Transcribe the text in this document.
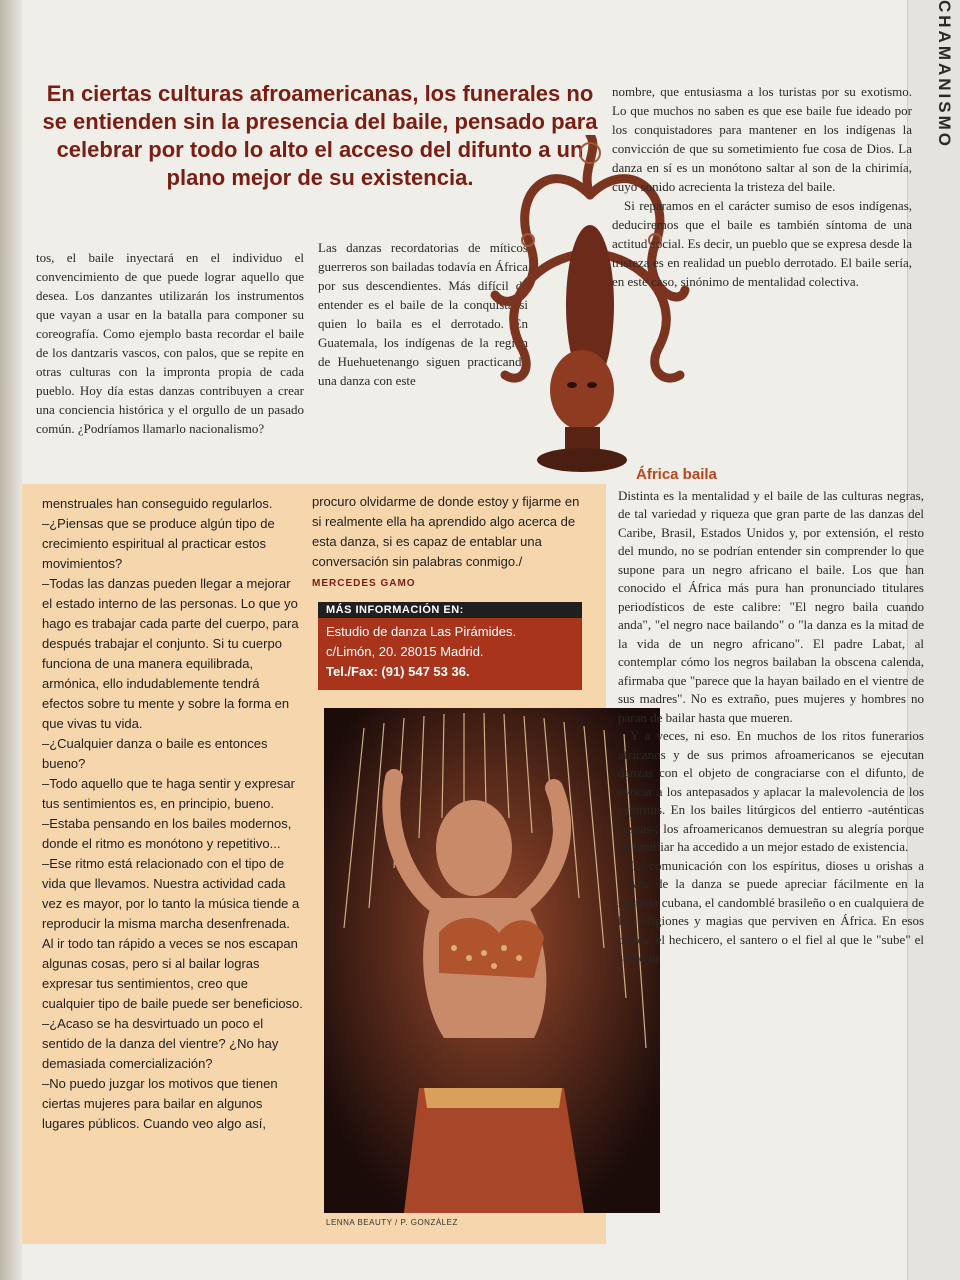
CHAMANISMO
En ciertas culturas afroamericanas, los funerales no se entienden sin la presencia del baile, pensado para celebrar por todo lo alto el acceso del difunto a un plano mejor de su existencia.

tos, el baile inyectará en el individuo el convencimiento de que puede lograr aquello que desea. Los danzantes utilizarán los instrumentos que vayan a usar en la batalla para componer su coreografía. Como ejemplo basta recordar el baile de los dantzaris vascos, con palos, que se repite en otras culturas con la impronta propia de cada pueblo. Hoy día estas danzas contribuyen a crear una conciencia histórica y el orgullo de un pasado común. ¿Podríamos llamarlo nacionalismo?

Las danzas recordatorias de míticos guerreros son bailadas todavía en África por sus descendientes. Más difícil de entender es el baile de la conquista si quien lo baila es el derrotado. En Guatemala, los indígenas de la región de Huehuetenango siguen practicando una danza con este

nombre, que entusiasma a los turistas por su exotismo. Lo que muchos no saben es que ese baile fue ideado por los conquistadores para mantener en los indígenas la convicción de que su sometimiento fue cosa de Dios. La danza en sí es un monótono saltar al son de la chirimía, cuyo sonido acrecienta la tristeza del baile.

Si reparamos en el carácter sumiso de esos indígenas, deduciremos que el baile es también síntoma de una actitud social. Es decir, un pueblo que se expresa desde la tristeza es en realidad un pueblo derrotado. El baile sería, en este caso, sinónimo de mentalidad colectiva.

menstruales han conseguido regularlos.
–¿Piensas que se produce algún tipo de crecimiento espiritual al practicar estos movimientos?
–Todas las danzas pueden llegar a mejorar el estado interno de las personas. Lo que yo hago es trabajar cada parte del cuerpo, para después trabajar el conjunto. Si tu cuerpo funciona de una manera equilibrada, armónica, ello indudablemente tendrá efectos sobre tu mente y sobre la forma en que vivas tu vida.
–¿Cualquier danza o baile es entonces bueno?
–Todo aquello que te haga sentir y expresar tus sentimientos es, en principio, bueno.
–Estaba pensando en los bailes modernos, donde el ritmo es monótono y repetitivo...
–Ese ritmo está relacionado con el tipo de vida que llevamos. Nuestra actividad cada vez es mayor, por lo tanto la música tiende a reproducir la misma marcha desenfrenada. Al ir todo tan rápido a veces se nos escapan algunas cosas, pero si al bailar logras expresar tus sentimientos, creo que cualquier tipo de baile puede ser beneficioso.
–¿Acaso se ha desvirtuado un poco el sentido de la danza del vientre? ¿No hay demasiada comercialización?
–No puedo juzgar los motivos que tienen ciertas mujeres para bailar en algunos lugares públicos. Cuando veo algo así,

procuro olvidarme de donde estoy y fijarme en si realmente ella ha aprendido algo acerca de esta danza, si es capaz de entablar una conversación sin palabras conmigo./ MERCEDES GAMO

MÁS INFORMACIÓN EN:
Estudio de danza Las Pirámides.
c/Limón, 20. 28015 Madrid.
Tel./Fax: (91) 547 53 36.
LENNA BEAUTY / P. GONZÁLEZ
África baila

Distinta es la mentalidad y el baile de las culturas negras, de tal variedad y riqueza que gran parte de las danzas del Caribe, Brasil, Estados Unidos y, por extensión, el resto del mundo, no se podrían entender sin comprender lo que supone para un negro africano el baile. Los que han conocido el África más pura han pronunciado titulares periodísticos de este calibre: "El negro baila cuando anda", "el negro nace bailando" o "la danza es la mitad de la vida de un negro africano". El padre Labat, al contemplar cómo los negros bailaban la obscena calenda, afirmaba que "parece que la hayan bailado en el vientre de sus madres". No es extraño, pues mujeres y hombres no paran de bailar hasta que mueren.

Y a veces, ni eso. En muchos de los ritos funerarios africanos y de sus primos afroamericanos se ejecutan danzas con el objeto de congraciarse con el difunto, de evocar a los antepasados y aplacar la malevolencia de los espíritus. En los bailes litúrgicos del entierro -auténticas fiestas-, los afroamericanos demuestran su alegría porque su familiar ha accedido a un mejor estado de existencia.

La comunicación con los espíritus, dioses u orishas a través de la danza se puede apreciar fácilmente en la santería cubana, el candomblé brasileño o en cualquiera de las religiones y magias que perviven en África. En esos bailes, el hechicero, el santero o el fiel al que le "sube" el santo lo
